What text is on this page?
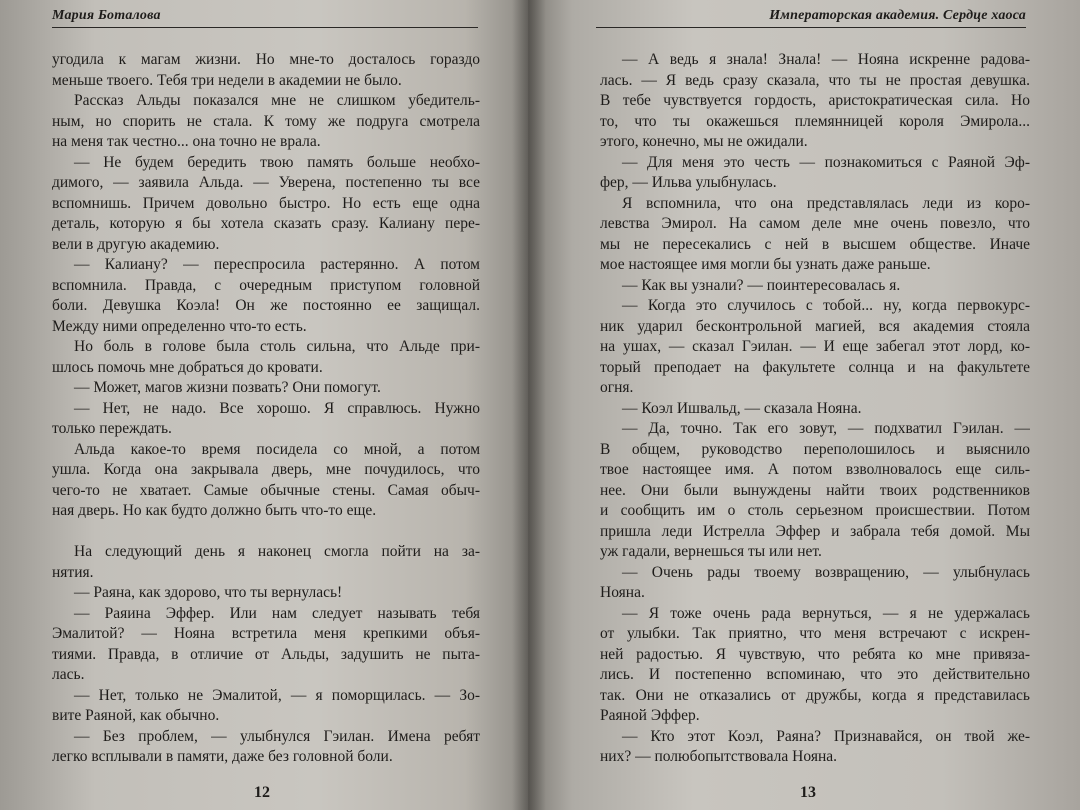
Мария Боталова
угодила к магам жизни. Но мне-то досталось гораздо
меньше твоего. Тебя три недели в академии не было.
Рассказ Альды показался мне не слишком убедитель-
ным, но спорить не стала. К тому же подруга смотрела
на меня так честно... она точно не врала.
— Не будем бередить твою память больше необхо-
димого, — заявила Альда. — Уверена, постепенно ты все
вспомнишь. Причем довольно быстро. Но есть еще одна
деталь, которую я бы хотела сказать сразу. Калиану пере-
вели в другую академию.
— Калиану? — переспросила растерянно. А потом
вспомнила. Правда, с очередным приступом головной
боли. Девушка Коэла! Он же постоянно ее защищал.
Между ними определенно что-то есть.
Но боль в голове была столь сильна, что Альде при-
шлось помочь мне добраться до кровати.
— Может, магов жизни позвать? Они помогут.
— Нет, не надо. Все хорошо. Я справлюсь. Нужно
только переждать.
Альда какое-то время посидела со мной, а потом
ушла. Когда она закрывала дверь, мне почудилось, что
чего-то не хватает. Самые обычные стены. Самая обыч-
ная дверь. Но как будто должно быть что-то еще.
На следующий день я наконец смогла пойти на за-
нятия.
— Раяна, как здорово, что ты вернулась!
— Раяина Эффер. Или нам следует называть тебя
Эмалитой? — Нояна встретила меня крепкими объя-
тиями. Правда, в отличие от Альды, задушить не пыта-
лась.
— Нет, только не Эмалитой, — я поморщилась. — Зо-
вите Раяной, как обычно.
— Без проблем, — улыбнулся Гэилан. Имена ребят
легко всплывали в памяти, даже без головной боли.
12
Императорская академия. Сердце хаоса
— А ведь я знала! Знала! — Нояна искренне радова-
лась. — Я ведь сразу сказала, что ты не простая девушка.
В тебе чувствуется гордость, аристократическая сила. Но
то, что ты окажешься племянницей короля Эмирола...
этого, конечно, мы не ожидали.
— Для меня это честь — познакомиться с Раяной Эф-
фер, — Ильва улыбнулась.
Я вспомнила, что она представлялась леди из коро-
левства Эмирол. На самом деле мне очень повезло, что
мы не пересекались с ней в высшем обществе. Иначе
мое настоящее имя могли бы узнать даже раньше.
— Как вы узнали? — поинтересовалась я.
— Когда это случилось с тобой... ну, когда первокурс-
ник ударил бесконтрольной магией, вся академия стояла
на ушах, — сказал Гэилан. — И еще забегал этот лорд, ко-
торый преподает на факультете солнца и на факультете
огня.
— Коэл Ишвальд, — сказала Нояна.
— Да, точно. Так его зовут, — подхватил Гэилан. —
В общем, руководство переполошилось и выяснило
твое настоящее имя. А потом взволновалось еще силь-
нее. Они были вынуждены найти твоих родственников
и сообщить им о столь серьезном происшествии. Потом
пришла леди Истрелла Эффер и забрала тебя домой. Мы
уж гадали, вернешься ты или нет.
— Очень рады твоему возвращению, — улыбнулась
Нояна.
— Я тоже очень рада вернуться, — я не удержалась
от улыбки. Так приятно, что меня встречают с искрен-
ней радостью. Я чувствую, что ребята ко мне привяза-
лись. И постепенно вспоминаю, что это действительно
так. Они не отказались от дружбы, когда я представилась
Раяной Эффер.
— Кто этот Коэл, Раяна? Признавайся, он твой же-
них? — полюбопытствовала Нояна.
13
